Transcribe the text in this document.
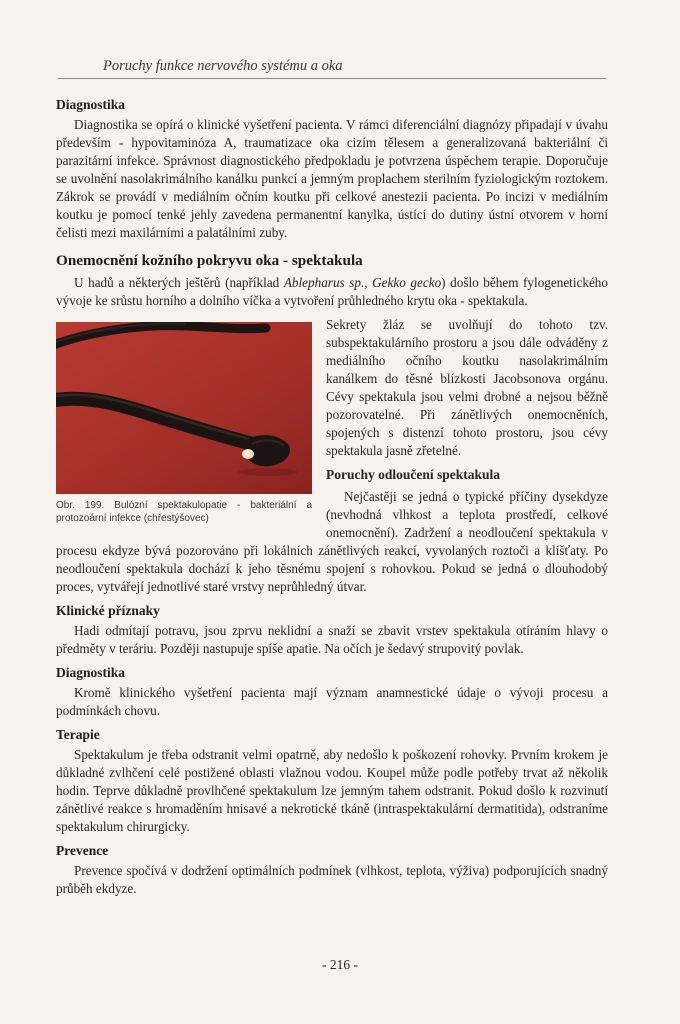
Poruchy funkce nervového systému a oka
Diagnostika

Diagnostika se opírá o klinické vyšetření pacienta. V rámci diferenciální diagnózy připadají v úvahu především - hypovitaminóza A, traumatizace oka cizím tělesem a generalizovaná bakteriální či parazitární infekce. Správnost diagnostického předpokladu je potvrzena úspěchem terapie. Doporučuje se uvolnění nasolakrimálního kanálku punkcí a jemným proplachem sterilním fyziologickým roztokem. Zákrok se provádí v mediálním očním koutku při celkové anestezii pacienta. Po incizi v mediálním koutku je pomocí tenké jehly zavedena permanentní kanylka, ústící do dutiny ústní otvorem v horní čelisti mezi maxilárními a palatálními zuby.

Onemocnění kožního pokryvu oka - spektakula

U hadů a některých ještěrů (například Ablepharus sp., Gekko gecko) došlo během fylogenetického vývoje ke srůstu horního a dolního víčka a vytvoření průhledného krytu oka - spektakula.

Obr. 199. Bulózní spektakulopatie - bakteriální a protozoární infekce (chřestýšovec)

Sekrety žláz se uvolňují do tohoto tzv. subspektakulárního prostoru a jsou dále odváděny z mediálního očního koutku nasolakrimálním kanálkem do těsné blízkosti Jacobsonova orgánu. Cévy spektakula jsou velmi drobné a nejsou běžně pozorovatelné. Při zánětlivých onemocněních, spojených s distenzí tohoto prostoru, jsou cévy spektakula jasně zřetelné.

Poruchy odloučení spektakula

Nejčastěji se jedná o typické příčiny dysekdyze (nevhodná vlhkost a teplota prostředí, celkové onemocnění). Zadržení a neodloučení spektakula v procesu ekdyze bývá pozorováno při lokálních zánětlivých reakcí, vyvolaných roztoči a klíšťaty. Po neodloučení spektakula dochází k jeho těsnému spojení s rohovkou. Pokud se jedná o dlouhodobý proces, vytvářejí jednotlivé staré vrstvy neprůhledný útvar.

Klinické příznaky

Hadi odmítají potravu, jsou zprvu neklidní a snaží se zbavit vrstev spektakula otíráním hlavy o předměty v teráriu. Později nastupuje spíše apatie. Na očích je šedavý strupovitý povlak.

Diagnostika

Kromě klinického vyšetření pacienta mají význam anamnestické údaje o vývoji procesu a podmínkách chovu.

Terapie

Spektakulum je třeba odstranit velmi opatrně, aby nedošlo k poškození rohovky. Prvním krokem je důkladné zvlhčení celé postižené oblasti vlažnou vodou. Koupel může podle potřeby trvat až několik hodin. Teprve důkladně provlhčené spektakulum lze jemným tahem odstranit. Pokud došlo k rozvinutí zánětlivé reakce s hromaděním hnisavé a nekrotické tkáně (intraspektakulární dermatitida), odstraníme spektakulum chirurgicky.

Prevence

Prevence spočívá v dodržení optimálních podmínek (vlhkost, teplota, výživa) podporujících snadný průběh ekdyze.

- 216 -
